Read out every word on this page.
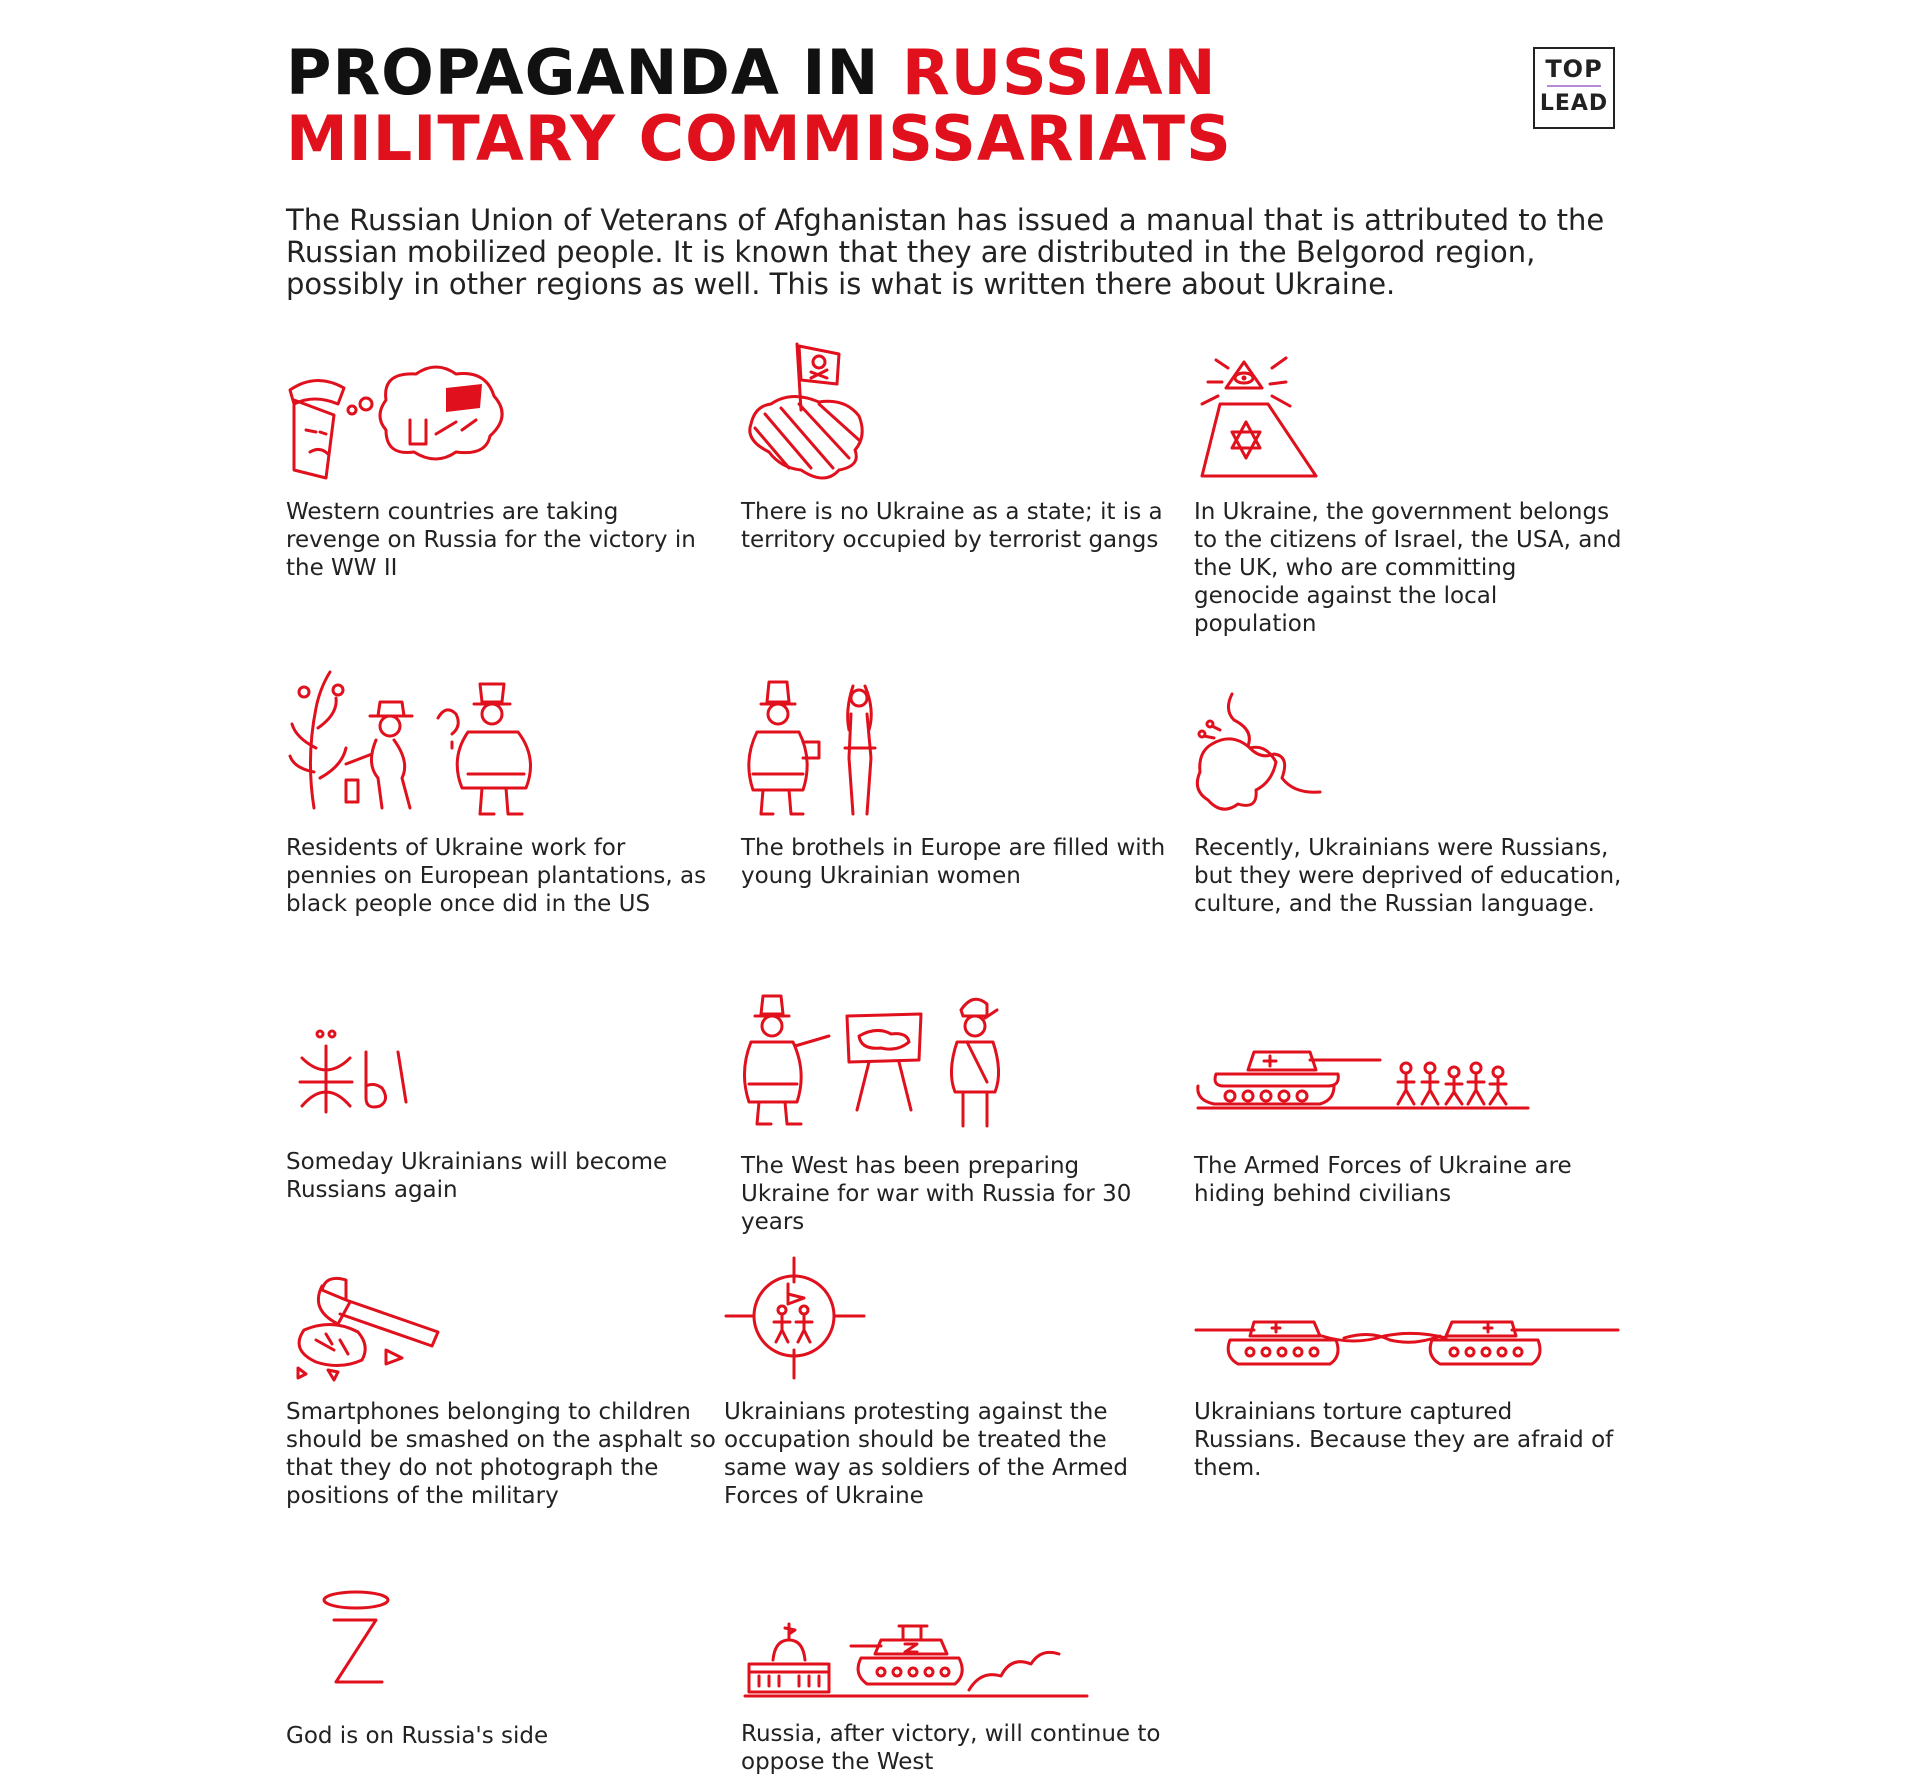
PROPAGANDA IN RUSSIAN
MILITARY COMMISSARIATS
TOP
LEAD

The Russian Union of Veterans of Afghanistan has issued a manual that is attributed to the Russian mobilized people. It is known that they are distributed in the Belgorod region, possibly in other regions as well. This is what is written there about Ukraine.

Western countries are taking revenge on Russia for the victory in the WW II

There is no Ukraine as a state; it is a territory occupied by terrorist gangs

In Ukraine, the government belongs to the citizens of Israel, the USA, and the UK, who are committing genocide against the local population

Residents of Ukraine work for pennies on European plantations, as black people once did in the US

The brothels in Europe are filled with young Ukrainian women

Recently, Ukrainians were Russians, but they were deprived of education, culture, and the Russian language.

Someday Ukrainians will become Russians again

The West has been preparing Ukraine for war with Russia for 30 years

The Armed Forces of Ukraine are hiding behind civilians

Smartphones belonging to children should be smashed on the asphalt so that they do not photograph the positions of the military

Ukrainians protesting against the occupation should be treated the same way as soldiers of the Armed Forces of Ukraine

Ukrainians torture captured Russians. Because they are afraid of them.

God is on Russia's side	Russia, after victory, will continue to oppose the West
